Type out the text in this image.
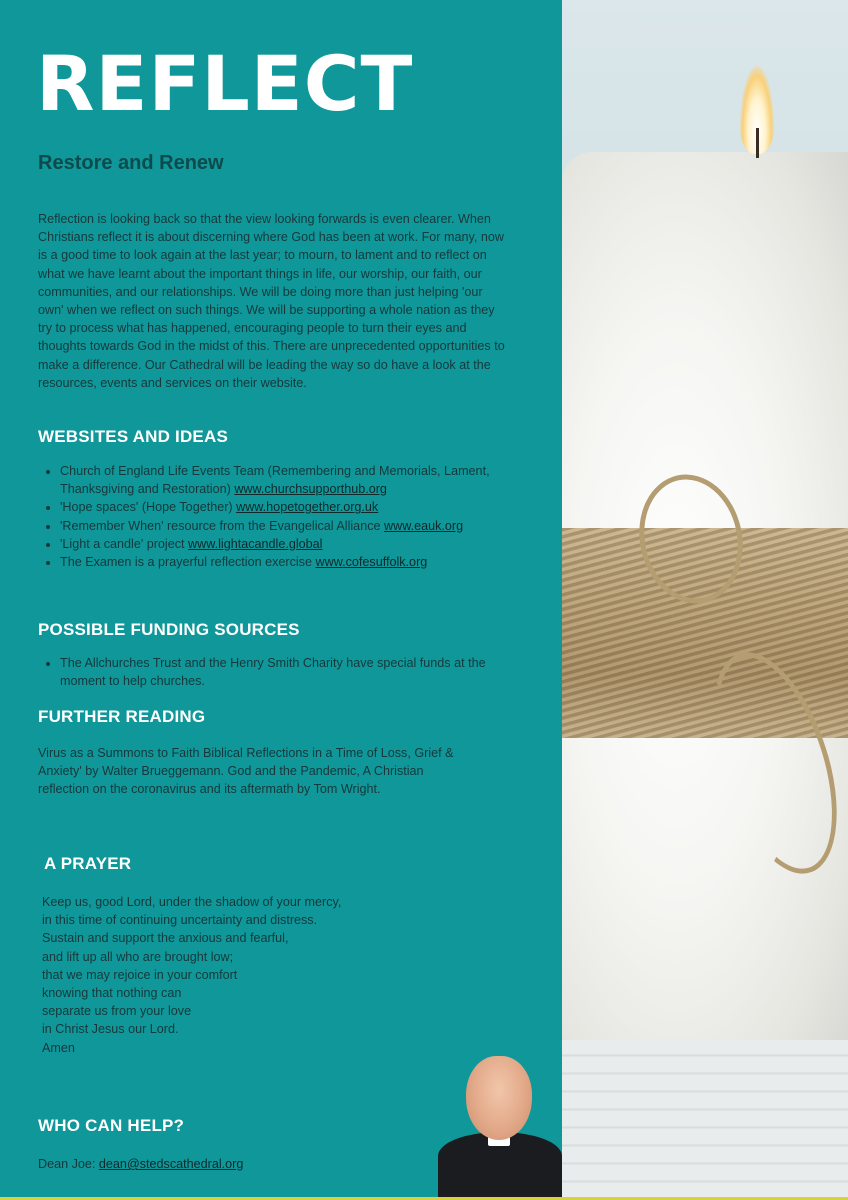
REFLECT
Restore and Renew

Reflection is looking back so that the view looking forwards is even clearer. When Christians reflect it is about discerning where God has been at work. For many, now is a good time to look again at the last year; to mourn, to lament and to reflect on what we have learnt about the important things in life, our worship, our faith, our communities, and our relationships. We will be doing more than just helping 'our own' when we reflect on such things. We will be supporting a whole nation as they try to process what has happened, encouraging people to turn their eyes and thoughts towards God in the midst of this. There are unprecedented opportunities to make a difference. Our Cathedral will be leading the way so do have a look at the resources, events and services on their website.

WEBSITES AND IDEAS
• Church of England Life Events Team (Remembering and Memorials, Lament, Thanksgiving and Restoration) www.churchsupporthub.org
• 'Hope spaces' (Hope Together) www.hopetogether.org.uk
• 'Remember When' resource from the Evangelical Alliance www.eauk.org
• 'Light a candle' project www.lightacandle.global
• The Examen is a prayerful reflection exercise www.cofesuffolk.org
POSSIBLE FUNDING SOURCES
• The Allchurches Trust and the Henry Smith Charity have special funds at the moment to help churches.
FURTHER READING

Virus as a Summons to Faith Biblical Reflections in a Time of Loss, Grief & Anxiety' by Walter Brueggemann. God and the Pandemic, A Christian reflection on the coronavirus and its aftermath by Tom Wright.

A PRAYER

Keep us, good Lord, under the shadow of your mercy,
in this time of continuing uncertainty and distress.
Sustain and support the anxious and fearful,
and lift up all who are brought low;
that we may rejoice in your comfort
knowing that nothing can
separate us from your love
in Christ Jesus our Lord.
Amen

WHO CAN HELP?

Dean Joe: dean@stedscathedral.org
